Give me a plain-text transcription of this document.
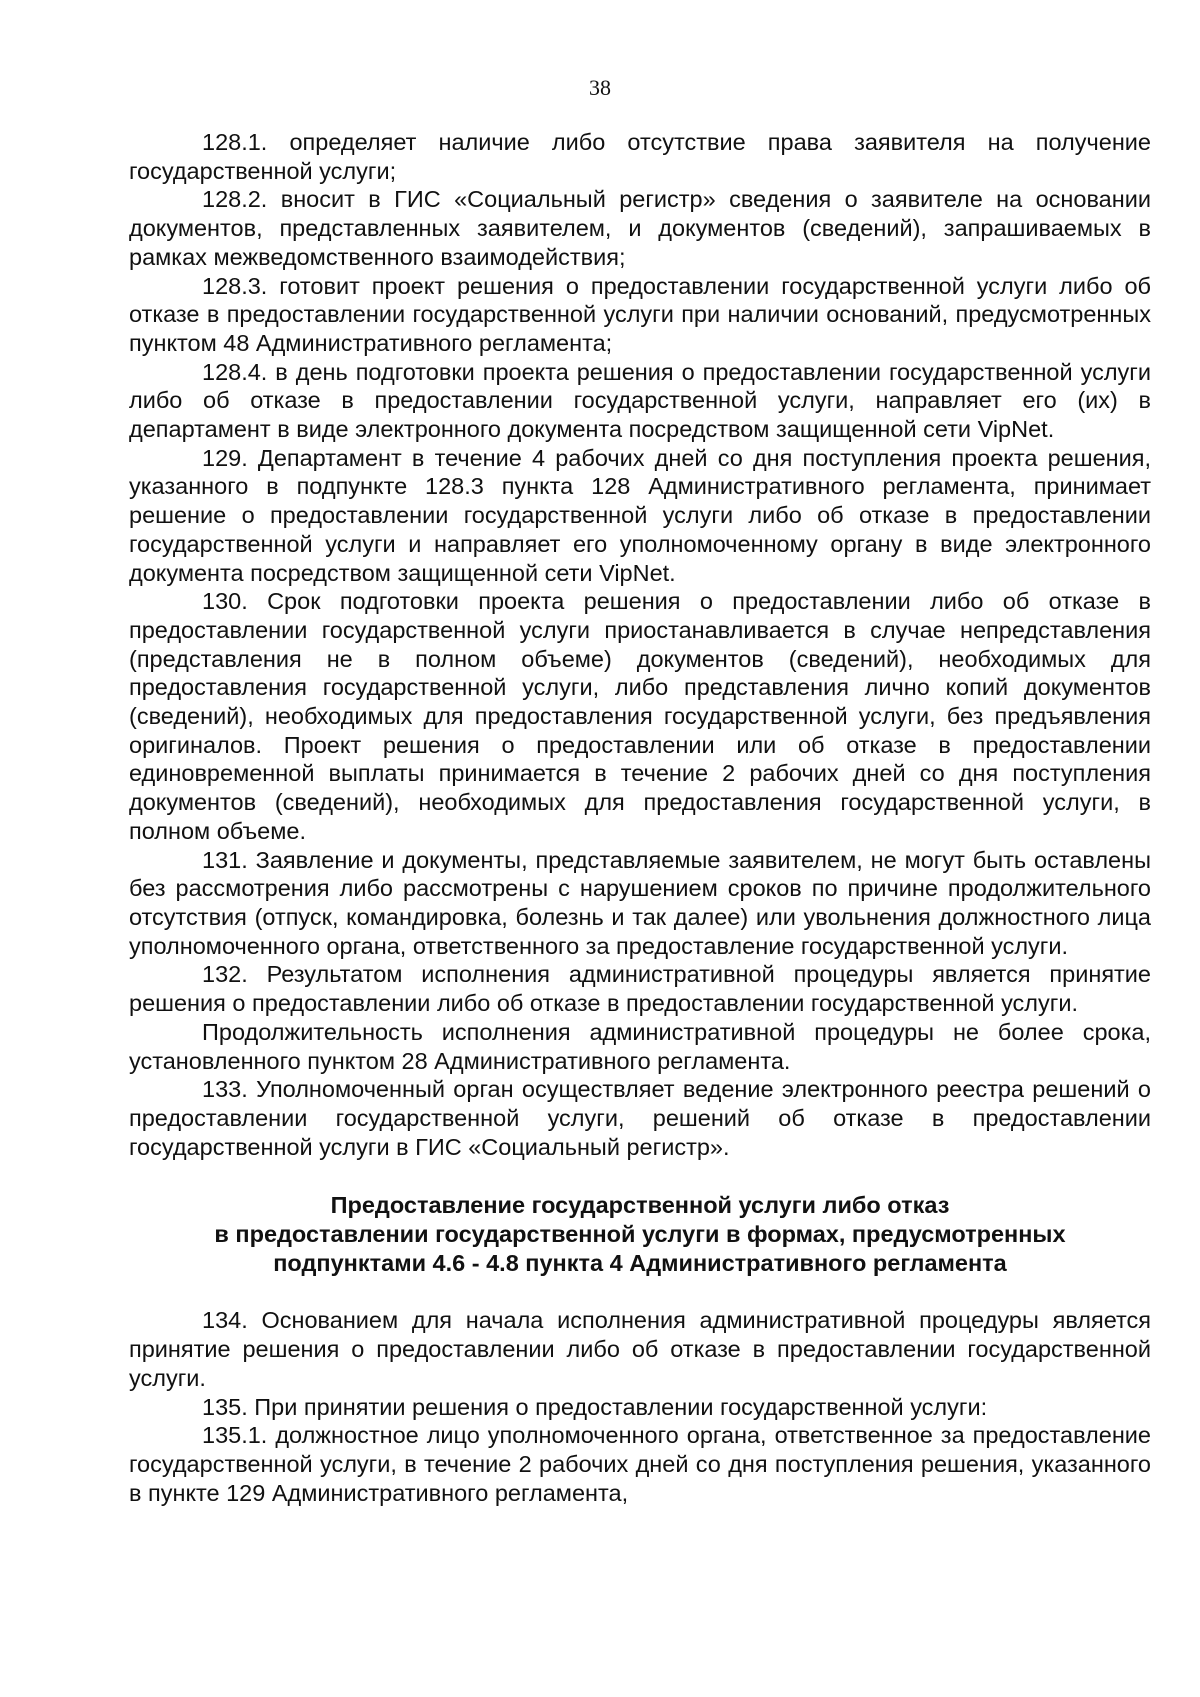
38

128.1. определяет наличие либо отсутствие права заявителя на получение государственной услуги;

128.2. вносит в ГИС «Социальный регистр» сведения о заявителе на основании документов, представленных заявителем, и документов (сведений), запрашиваемых в рамках межведомственного взаимодействия;

128.3. готовит проект решения о предоставлении государственной услуги либо об отказе в предоставлении государственной услуги при наличии оснований, предусмотренных пунктом 48 Административного регламента;

128.4. в день подготовки проекта решения о предоставлении государственной услуги либо об отказе в предоставлении государственной услуги, направляет его (их) в департамент в виде электронного документа посредством защищенной сети VipNet.

129. Департамент в течение 4 рабочих дней со дня поступления проекта решения, указанного в подпункте 128.3 пункта 128 Административного регламента, принимает решение о предоставлении государственной услуги либо об отказе в предоставлении государственной услуги и направляет его уполномоченному органу в виде электронного документа посредством защищенной сети VipNet.

130. Срок подготовки проекта решения о предоставлении либо об отказе в предоставлении государственной услуги приостанавливается в случае непредставления (представления не в полном объеме) документов (сведений), необходимых для предоставления государственной услуги, либо представления лично копий документов (сведений), необходимых для предоставления государственной услуги, без предъявления оригиналов. Проект решения о предоставлении или об отказе в предоставлении единовременной выплаты принимается в течение 2 рабочих дней со дня поступления документов (сведений), необходимых для предоставления государственной услуги, в полном объеме.

131. Заявление и документы, представляемые заявителем, не могут быть оставлены без рассмотрения либо рассмотрены с нарушением сроков по причине продолжительного отсутствия (отпуск, командировка, болезнь и так далее) или увольнения должностного лица уполномоченного органа, ответственного за предоставление государственной услуги.

132. Результатом исполнения административной процедуры является принятие решения о предоставлении либо об отказе в предоставлении государственной услуги.

Продолжительность исполнения административной процедуры не более срока, установленного пунктом 28 Административного регламента.

133. Уполномоченный орган осуществляет ведение электронного реестра решений о предоставлении государственной услуги, решений об отказе в предоставлении государственной услуги в ГИС «Социальный регистр».

Предоставление государственной услуги либо отказ
в предоставлении государственной услуги в формах, предусмотренных
подпунктами 4.6 - 4.8 пункта 4 Административного регламента

134. Основанием для начала исполнения административной процедуры является принятие решения о предоставлении либо об отказе в предоставлении государственной услуги.

135. При принятии решения о предоставлении государственной услуги:

135.1. должностное лицо уполномоченного органа, ответственное за предоставление государственной услуги, в течение 2 рабочих дней со дня поступления решения, указанного в пункте 129 Административного регламента,
